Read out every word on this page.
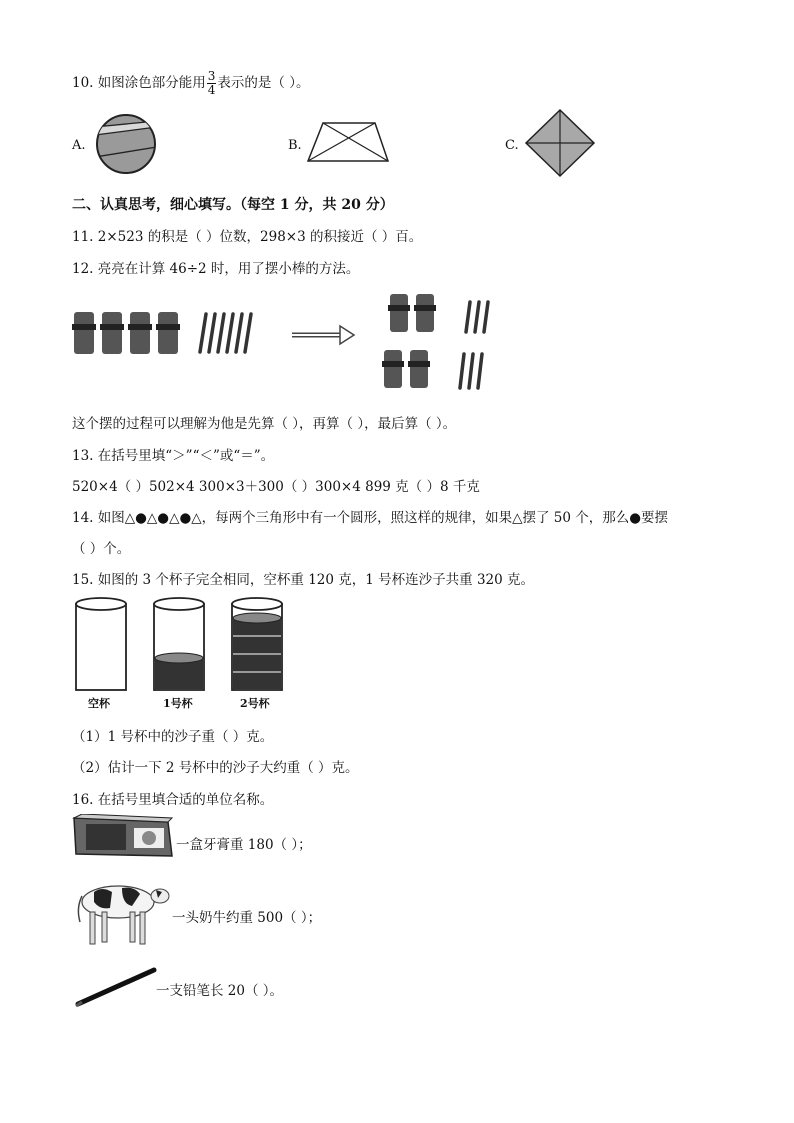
10. 如图涂色部分能用 $\frac{3}{4}$ 表示的是（ ）。
A.	B.	C.
二、认真思考，细心填写。（每空 1 分，共 20 分）
11. 2×523 的积是（ ）位数，298×3 的积接近（ ）百。
12. 亮亮在计算 46÷2 时，用了摆小棒的方法。
这个摆的过程可以理解为他是先算（ ），再算（ ），最后算（ ）。
13. 在括号里填“＞”“＜”或“＝”。
520×4（ ）502×4 300×3＋300（ ）300×4 899 克（ ）8 千克
14. 如图△●△●△●△，每两个三角形中有一个圆形，照这样的规律，如果△摆了 50 个，那么●要摆
（ ）个。
15. 如图的 3 个杯子完全相同，空杯重 120 克，1 号杯连沙子共重 320 克。
空杯	1号杯	2号杯
（1）1 号杯中的沙子重（ ）克。
（2）估计一下 2 号杯中的沙子大约重（ ）克。
16. 在括号里填合适的单位名称。
一盒牙膏重 180（ ）；
一头奶牛约重 500（ ）；
一支铅笔长 20（ ）。
